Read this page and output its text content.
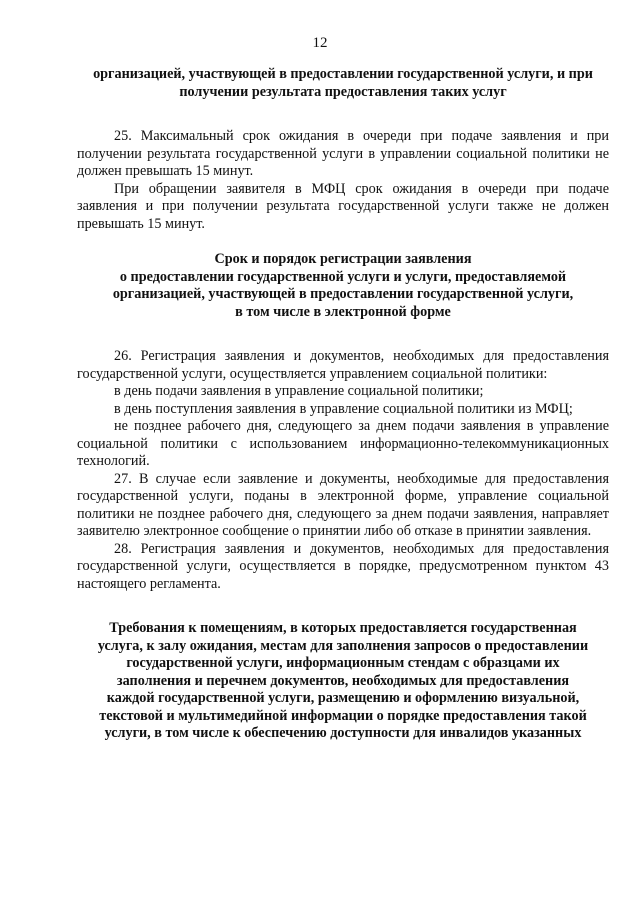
12
организацией, участвующей в предоставлении государственной услуги, и при
получении результата предоставления таких услуг

25. Максимальный срок ожидания в очереди при подаче заявления и при получении результата государственной услуги в управлении социальной политики не должен превышать 15 минут.

При обращении заявителя в МФЦ срок ожидания в очереди при подаче заявления и при получении результата государственной услуги также не должен превышать 15 минут.

Срок и порядок регистрации заявления
о предоставлении государственной услуги и услуги, предоставляемой
организацией, участвующей в предоставлении государственной услуги,
в том числе в электронной форме

26. Регистрация заявления и документов, необходимых для предоставления государственной услуги, осуществляется управлением социальной политики:

в день подачи заявления в управление социальной политики;

в день поступления заявления в управление социальной политики из МФЦ;

не позднее рабочего дня, следующего за днем подачи заявления в управление социальной политики с использованием информационно-телекоммуникационных технологий.

27. В случае если заявление и документы, необходимые для предоставления государственной услуги, поданы в электронной форме, управление социальной политики не позднее рабочего дня, следующего за днем подачи заявления, направляет заявителю электронное сообщение о принятии либо об отказе в принятии заявления.

28. Регистрация заявления и документов, необходимых для предоставления государственной услуги, осуществляется в порядке, предусмотренном пунктом 43 настоящего регламента.

Требования к помещениям, в которых предоставляется государственная
услуга, к залу ожидания, местам для заполнения запросов о предоставлении
государственной услуги, информационным стендам с образцами их
заполнения и перечнем документов, необходимых для предоставления
каждой государственной услуги, размещению и оформлению визуальной,
текстовой и мультимедийной информации о порядке предоставления такой
услуги, в том числе к обеспечению доступности для инвалидов указанных
